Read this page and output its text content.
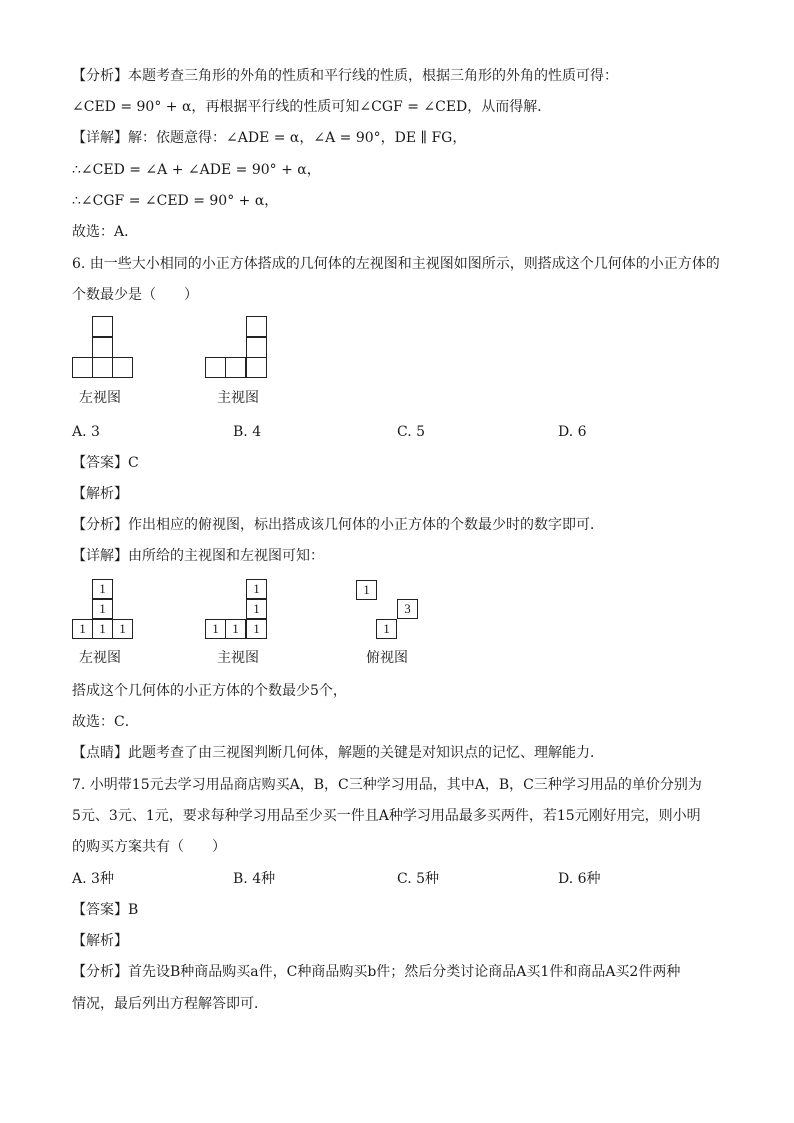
【分析】本题考查三角形的外角的性质和平行线的性质，根据三角形的外角的性质可得：
∠CED = 90° + α，再根据平行线的性质可知∠CGF = ∠CED，从而得解．
【详解】解：依题意得：∠ADE = α，∠A = 90°，DE ∥ FG，
∴∠CED = ∠A + ∠ADE = 90° + α，
∴∠CGF = ∠CED = 90° + α，
故选：A．
6. 由一些大小相同的小正方体搭成的几何体的左视图和主视图如图所示，则搭成这个几何体的小正方体的
个数最少是（　　）
左视图	主视图
A. 3	B. 4	C. 5	D. 6
【答案】C
【解析】
【分析】作出相应的俯视图，标出搭成该几何体的小正方体的个数最少时的数字即可．
【详解】由所给的主视图和左视图可知：
1
1
1	1	1
左视图
1
1
1	1	1
主视图
1
3
1
俯视图
搭成这个几何体的小正方体的个数最少5个，
故选：C．
【点睛】此题考查了由三视图判断几何体，解题的关键是对知识点的记忆、理解能力．
7. 小明带15元去学习用品商店购买A，B，C三种学习用品，其中A，B，C三种学习用品的单价分别为
5元、3元、1元，要求每种学习用品至少买一件且A种学习用品最多买两件，若15元刚好用完，则小明
的购买方案共有（　　）
A. 3种	B. 4种	C. 5种	D. 6种
【答案】B
【解析】
【分析】首先设B种商品购买a件，C种商品购买b件；然后分类讨论商品A买1件和商品A买2件两种
情况，最后列出方程解答即可．
